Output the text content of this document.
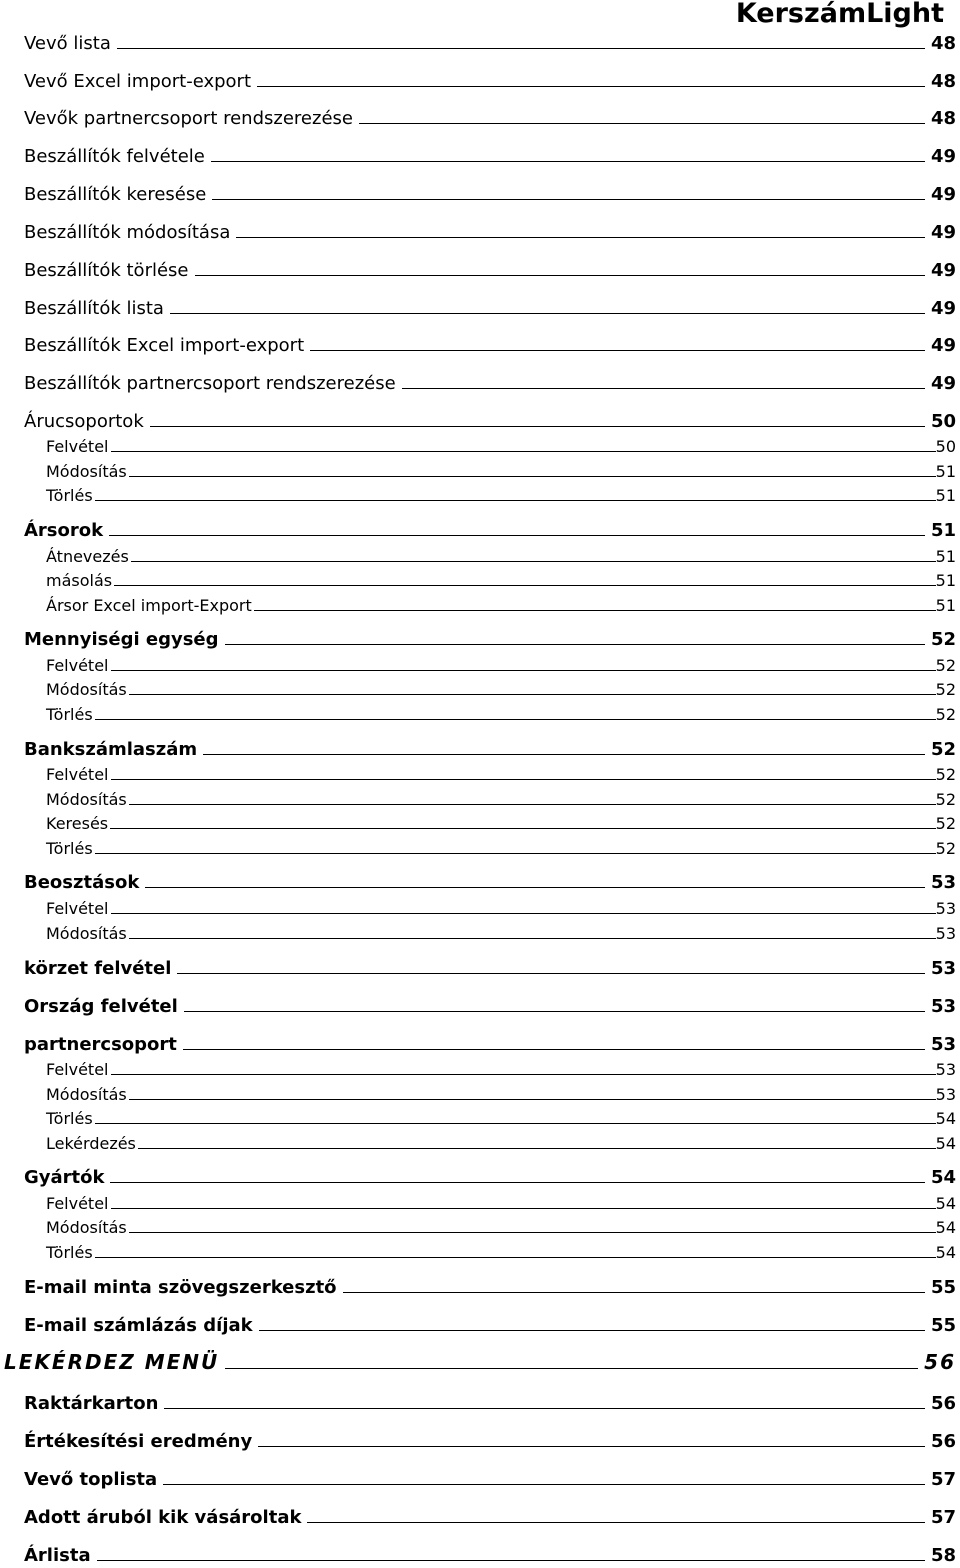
KerszámLight
Vevő lista	48
Vevő Excel import-export	48
Vevők partnercsoport rendszerezése	48
Beszállítók felvétele	49
Beszállítók keresése	49
Beszállítók módosítása	49
Beszállítók törlése	49
Beszállítók lista	49
Beszállítók Excel import-export	49
Beszállítók partnercsoport rendszerezése	49
Árucsoportok	50
Felvétel	50
Módosítás	51
Törlés	51
Ársorok	51
Átnevezés	51
másolás	51
Ársor Excel import-Export	51
Mennyiségi egység	52
Felvétel	52
Módosítás	52
Törlés	52
Bankszámlaszám	52
Felvétel	52
Módosítás	52
Keresés	52
Törlés	52
Beosztások	53
Felvétel	53
Módosítás	53
körzet felvétel	53
Ország felvétel	53
partnercsoport	53
Felvétel	53
Módosítás	53
Törlés	54
Lekérdezés	54
Gyártók	54
Felvétel	54
Módosítás	54
Törlés	54
E-mail minta szövegszerkesztő	55
E-mail számlázás díjak	55
LEKÉRDEZ MENÜ	56
Raktárkarton	56
Értékesítési eredmény	56
Vevő toplista	57
Adott áruból kik vásároltak	57
Árlista	58
